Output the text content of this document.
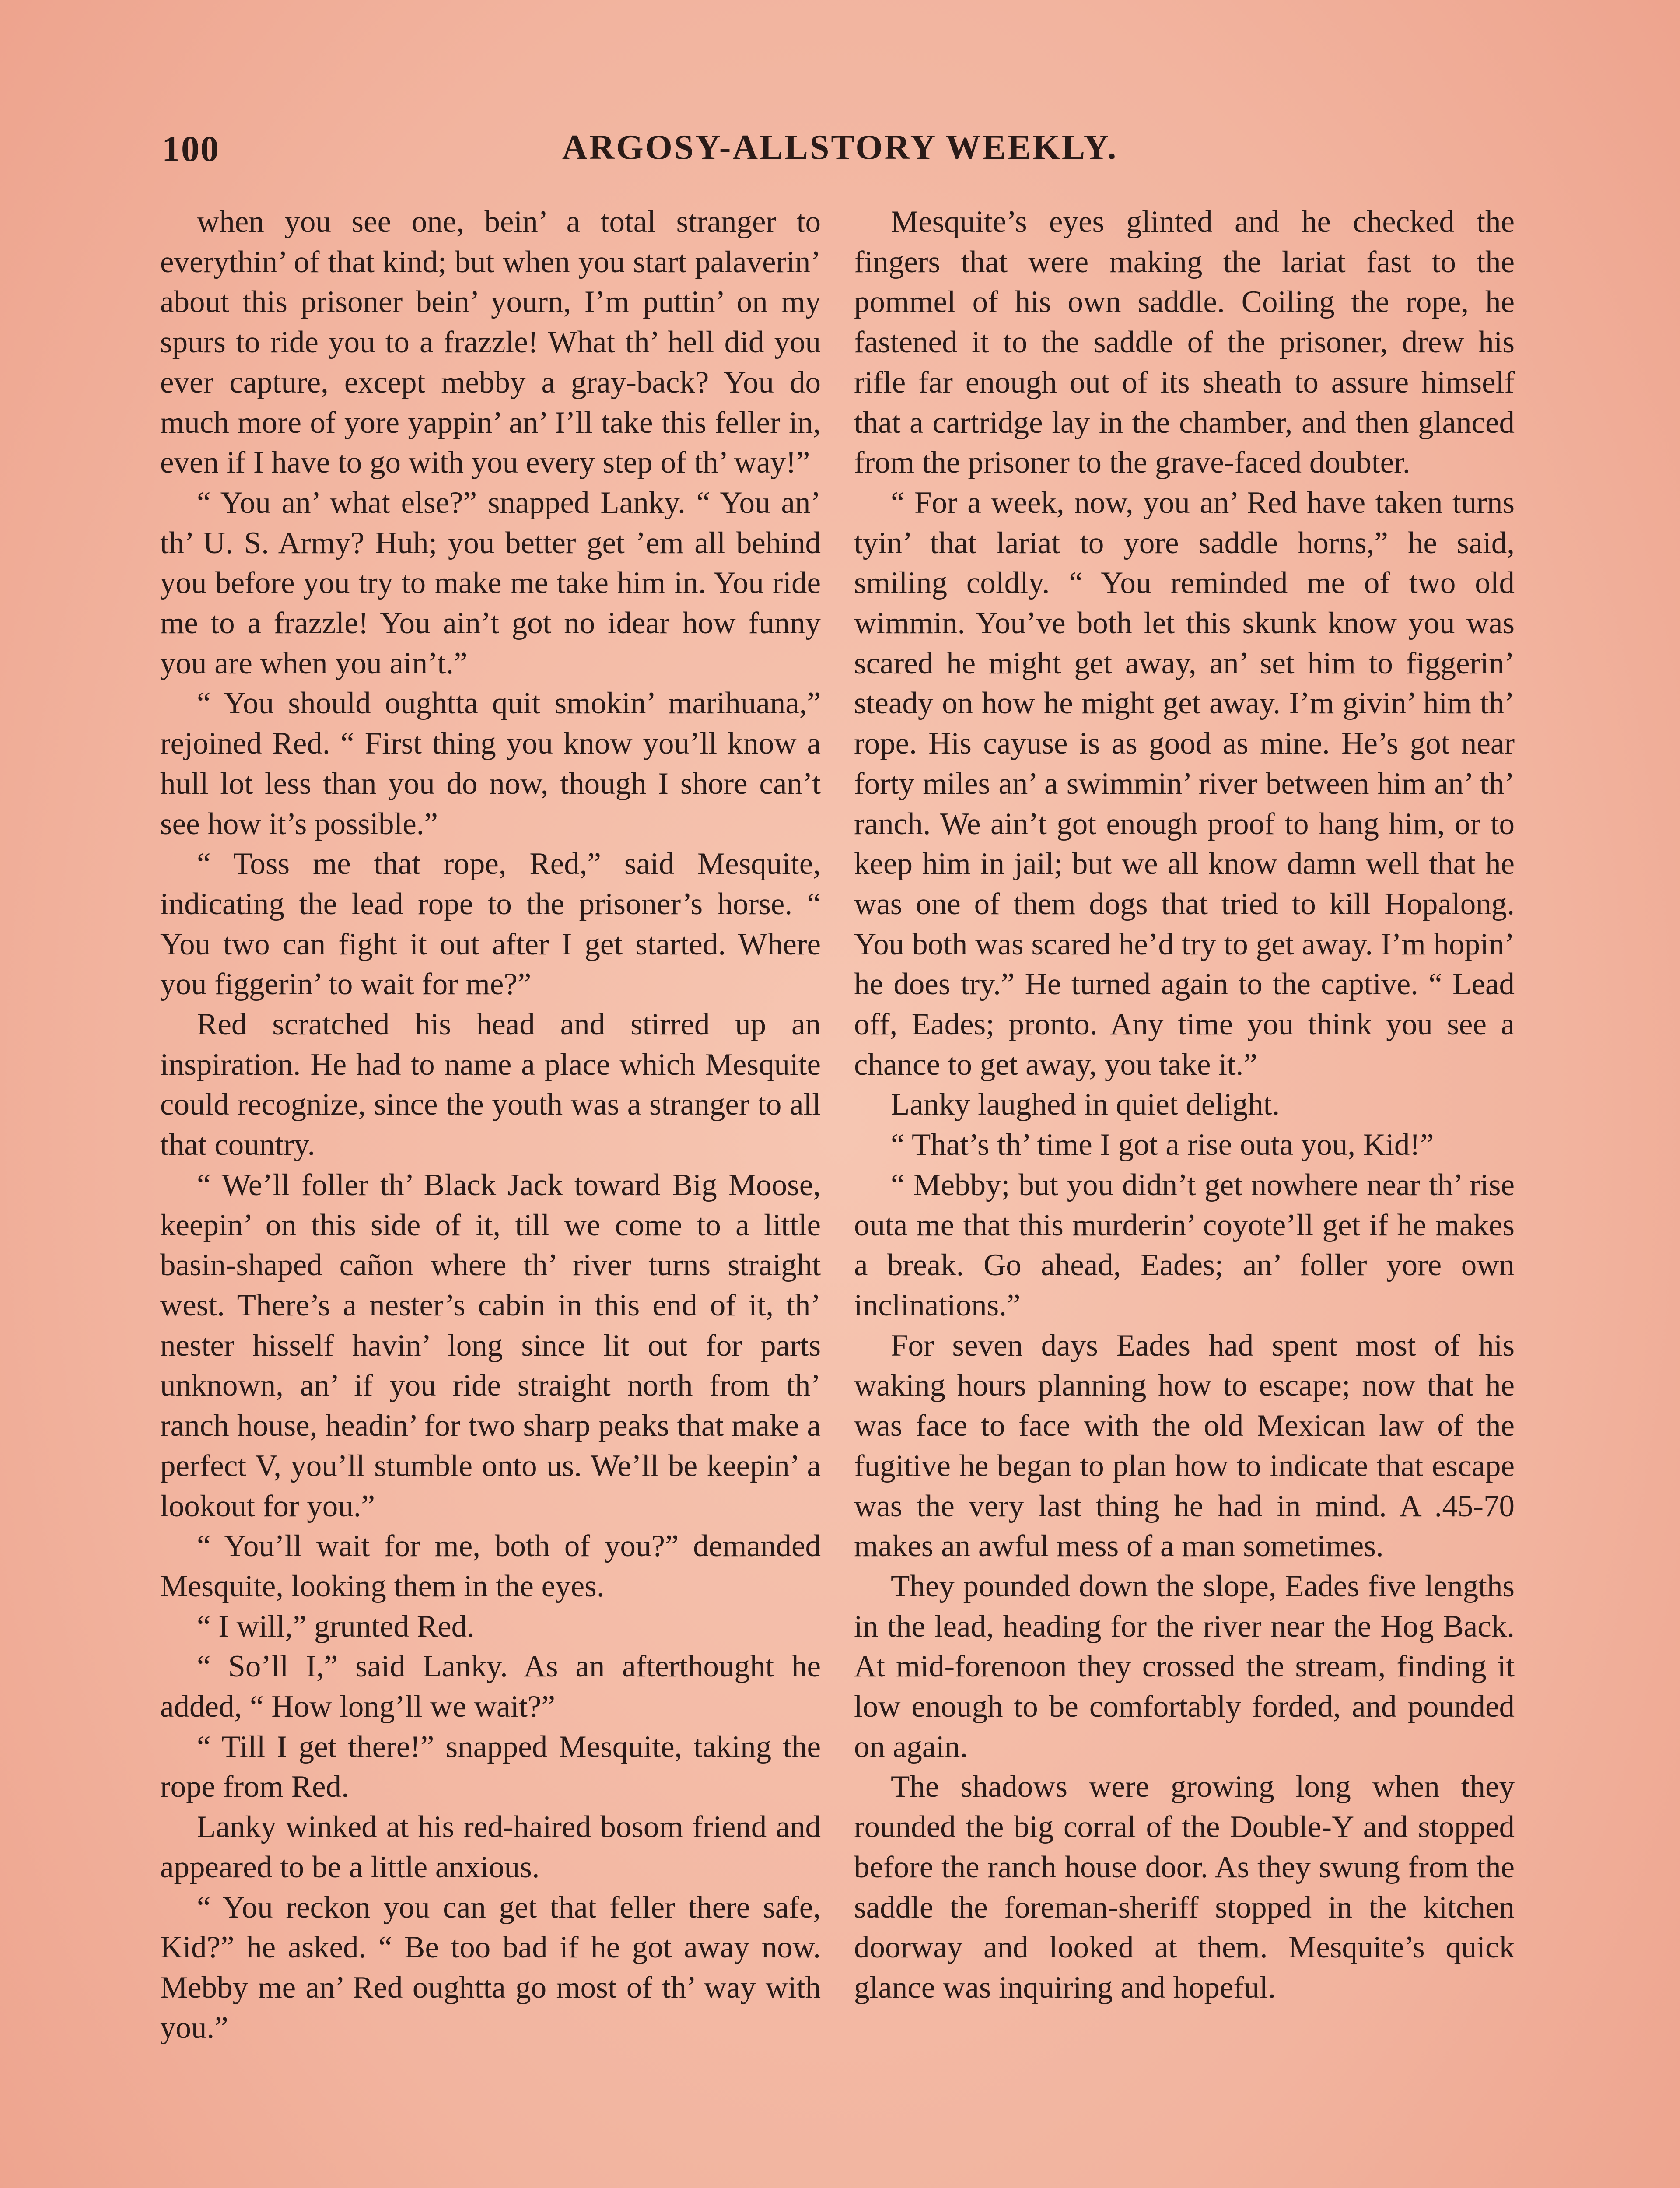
100	ARGOSY-ALLSTORY WEEKLY.

when you see one, bein’ a total stranger to everythin’ of that kind; but when you start palaverin’ about this prisoner bein’ yourn, I’m puttin’ on my spurs to ride you to a frazzle! What th’ hell did you ever capture, except mebby a gray-back? You do much more of yore yappin’ an’ I’ll take this feller in, even if I have to go with you every step of th’ way!”

“ You an’ what else?” snapped Lanky. “ You an’ th’ U. S. Army? Huh; you better get ’em all behind you before you try to make me take him in. You ride me to a frazzle! You ain’t got no idear how funny you are when you ain’t.”

“ You should oughtta quit smokin’ marihuana,” rejoined Red. “ First thing you know you’ll know a hull lot less than you do now, though I shore can’t see how it’s possible.”

“ Toss me that rope, Red,” said Mesquite, indicating the lead rope to the prisoner’s horse. “ You two can fight it out after I get started. Where you figgerin’ to wait for me?”

Red scratched his head and stirred up an inspiration. He had to name a place which Mesquite could recognize, since the youth was a stranger to all that country.

“ We’ll foller th’ Black Jack toward Big Moose, keepin’ on this side of it, till we come to a little basin-shaped cañon where th’ river turns straight west. There’s a nester’s cabin in this end of it, th’ nester hisself havin’ long since lit out for parts unknown, an’ if you ride straight north from th’ ranch house, headin’ for two sharp peaks that make a perfect V, you’ll stumble onto us. We’ll be keepin’ a lookout for you.”

“ You’ll wait for me, both of you?” demanded Mesquite, looking them in the eyes.

“ I will,” grunted Red.

“ So’ll I,” said Lanky. As an afterthought he added, “ How long’ll we wait?”

“ Till I get there!” snapped Mesquite, taking the rope from Red.

Lanky winked at his red-haired bosom friend and appeared to be a little anxious.

“ You reckon you can get that feller there safe, Kid?” he asked. “ Be too bad if he got away now. Mebby me an’ Red oughtta go most of th’ way with you.”

Mesquite’s eyes glinted and he checked the fingers that were making the lariat fast to the pommel of his own saddle. Coiling the rope, he fastened it to the saddle of the prisoner, drew his rifle far enough out of its sheath to assure himself that a cartridge lay in the chamber, and then glanced from the prisoner to the grave-faced doubter.

“ For a week, now, you an’ Red have taken turns tyin’ that lariat to yore saddle horns,” he said, smiling coldly. “ You reminded me of two old wimmin. You’ve both let this skunk know you was scared he might get away, an’ set him to figgerin’ steady on how he might get away. I’m givin’ him th’ rope. His cayuse is as good as mine. He’s got near forty miles an’ a swimmin’ river between him an’ th’ ranch. We ain’t got enough proof to hang him, or to keep him in jail; but we all know damn well that he was one of them dogs that tried to kill Hopalong. You both was scared he’d try to get away. I’m hopin’ he does try.” He turned again to the captive. “ Lead off, Eades; pronto. Any time you think you see a chance to get away, you take it.”

Lanky laughed in quiet delight.

“ That’s th’ time I got a rise outa you, Kid!”

“ Mebby; but you didn’t get nowhere near th’ rise outa me that this murderin’ coyote’ll get if he makes a break. Go ahead, Eades; an’ foller yore own inclinations.”

For seven days Eades had spent most of his waking hours planning how to escape; now that he was face to face with the old Mexican law of the fugitive he began to plan how to indicate that escape was the very last thing he had in mind. A .45-70 makes an awful mess of a man sometimes.

They pounded down the slope, Eades five lengths in the lead, heading for the river near the Hog Back. At mid-forenoon they crossed the stream, finding it low enough to be comfortably forded, and pounded on again.

The shadows were growing long when they rounded the big corral of the Double-Y and stopped before the ranch house door. As they swung from the saddle the foreman-sheriff stopped in the kitchen doorway and looked at them. Mesquite’s quick glance was inquiring and hopeful.
